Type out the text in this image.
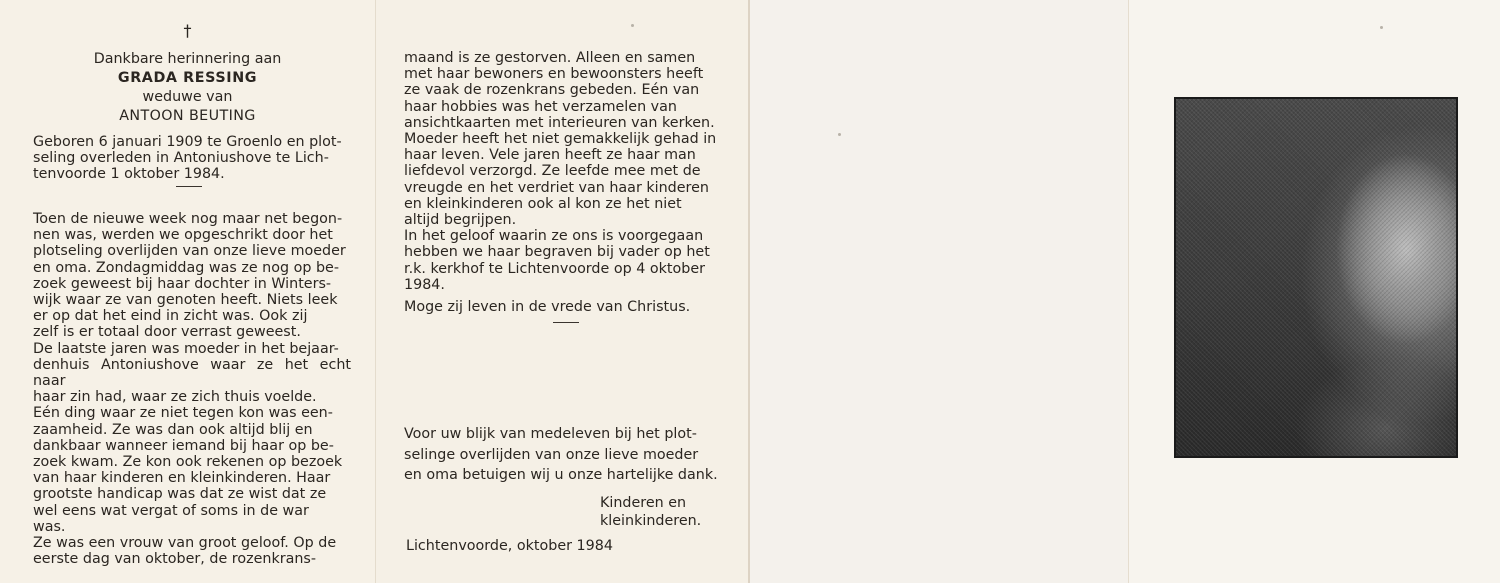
†
Dankbare herinnering aan
GRADA RESSING
weduwe van
ANTOON BEUTING

Geboren 6 januari 1909 te Groenlo en plot-
seling overleden in Antoniushove te Lich-
tenvoorde 1 oktober 1984.

Toen de nieuwe week nog maar net begon-
nen was, werden we opgeschrikt door het
plotseling overlijden van onze lieve moeder
en oma. Zondagmiddag was ze nog op be-
zoek geweest bij haar dochter in Winters-
wijk waar ze van genoten heeft. Niets leek
er op dat het eind in zicht was. Ook zij
zelf is er totaal door verrast geweest.
De laatste jaren was moeder in het bejaar-
denhuis Antoniushove waar ze het echt naar
haar zin had, waar ze zich thuis voelde.
Eén ding waar ze niet tegen kon was een-
zaamheid. Ze was dan ook altijd blij en
dankbaar wanneer iemand bij haar op be-
zoek kwam. Ze kon ook rekenen op bezoek
van haar kinderen en kleinkinderen. Haar
grootste handicap was dat ze wist dat ze
wel eens wat vergat of soms in de war
was.
Ze was een vrouw van groot geloof. Op de
eerste dag van oktober, de rozenkrans-

maand is ze gestorven. Alleen en samen
met haar bewoners en bewoonsters heeft
ze vaak de rozenkrans gebeden. Eén van
haar hobbies was het verzamelen van
ansichtkaarten met interieuren van kerken.
Moeder heeft het niet gemakkelijk gehad in
haar leven. Vele jaren heeft ze haar man
liefdevol verzorgd. Ze leefde mee met de
vreugde en het verdriet van haar kinderen
en kleinkinderen ook al kon ze het niet
altijd begrijpen.
In het geloof waarin ze ons is voorgegaan
hebben we haar begraven bij vader op het
r.k. kerkhof te Lichtenvoorde op 4 oktober
1984.

Moge zij leven in de vrede van Christus.

Voor uw blijk van medeleven bij het plot-
selinge overlijden van onze lieve moeder
en oma betuigen wij u onze hartelijke dank.

Kinderen en
kleinkinderen.

Lichtenvoorde, oktober 1984
